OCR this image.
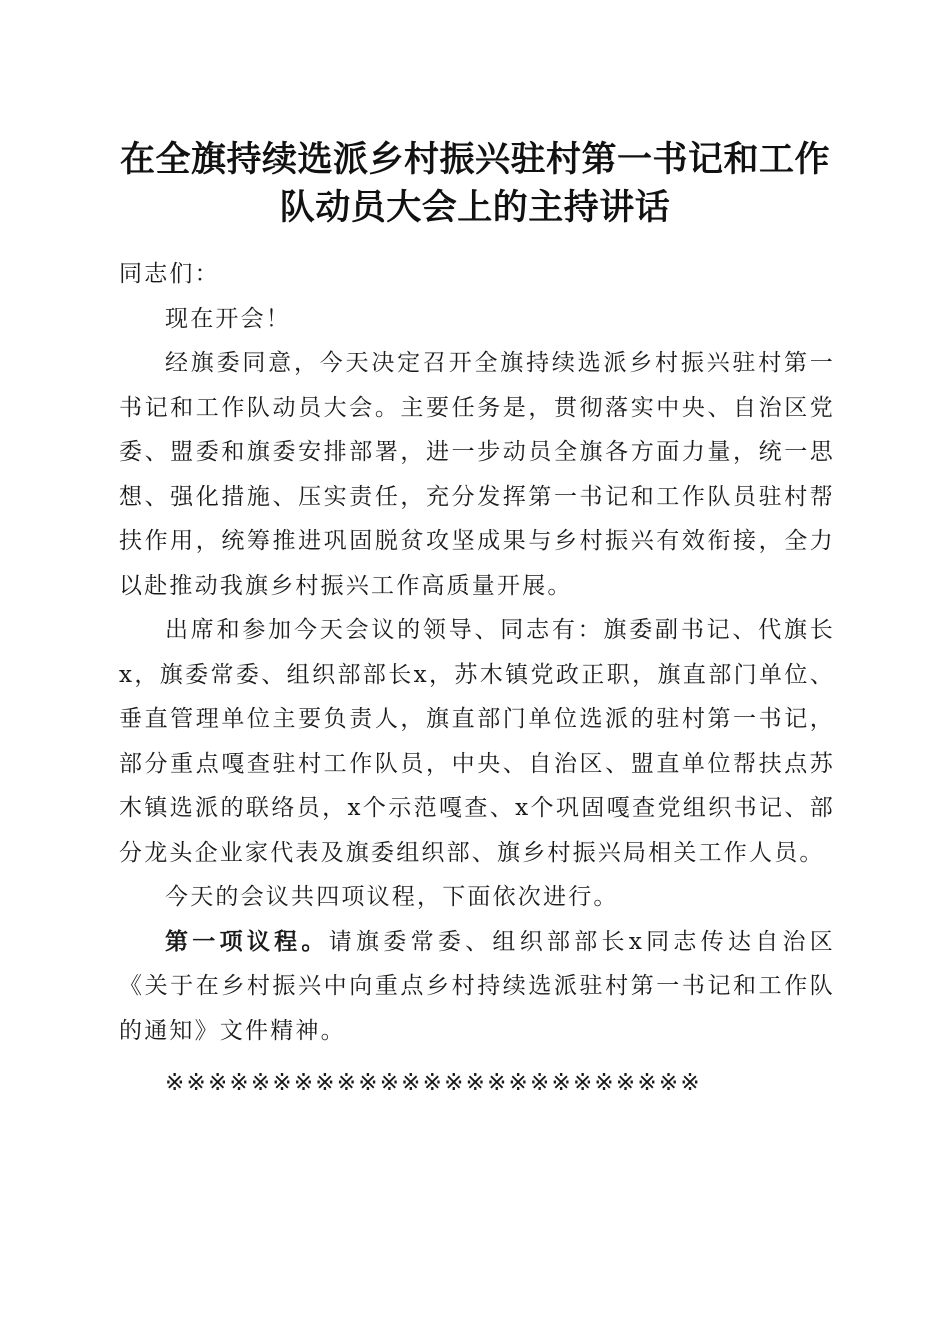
在全旗持续选派乡村振兴驻村第一书记和工作
队动员大会上的主持讲话

同志们：

现在开会！

经旗委同意，今天决定召开全旗持续选派乡村振兴驻村第一书记和工作队动员大会。主要任务是，贯彻落实中央、自治区党委、盟委和旗委安排部署，进一步动员全旗各方面力量，统一思想、强化措施、压实责任，充分发挥第一书记和工作队员驻村帮扶作用，统筹推进巩固脱贫攻坚成果与乡村振兴有效衔接，全力以赴推动我旗乡村振兴工作高质量开展。

出席和参加今天会议的领导、同志有：旗委副书记、代旗长x，旗委常委、组织部部长x，苏木镇党政正职，旗直部门单位、垂直管理单位主要负责人，旗直部门单位选派的驻村第一书记，部分重点嘎查驻村工作队员，中央、自治区、盟直单位帮扶点苏木镇选派的联络员，x个示范嘎查、x个巩固嘎查党组织书记、部分龙头企业家代表及旗委组织部、旗乡村振兴局相关工作人员。

今天的会议共四项议程，下面依次进行。

第一项议程。请旗委常委、组织部部长x同志传达自治区《关于在乡村振兴中向重点乡村持续选派驻村第一书记和工作队的通知》文件精神。

※※※※※※※※※※※※※※※※※※※※※※※※※
